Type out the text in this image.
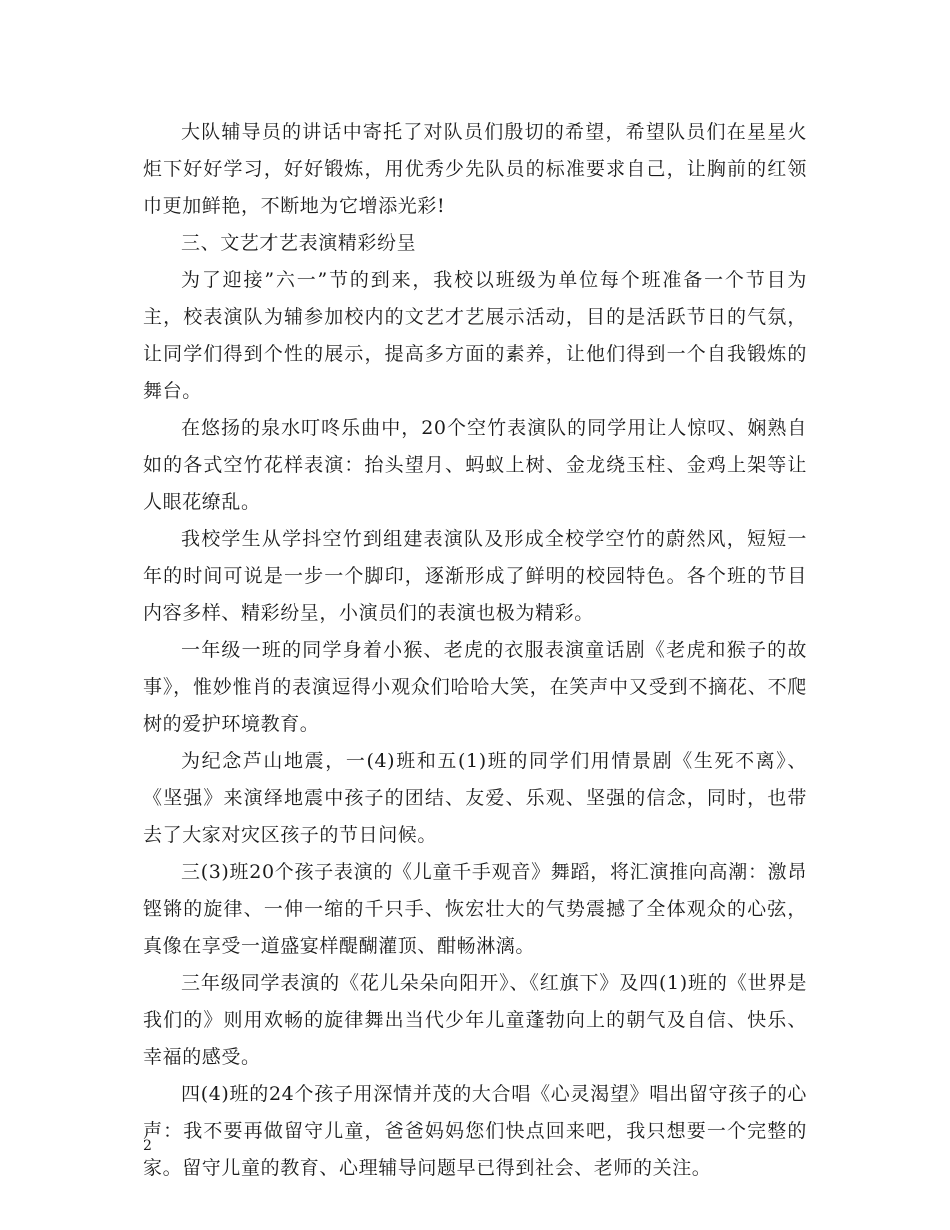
大队辅导员的讲话中寄托了对队员们殷切的希望，希望队员们在星星火炬下好好学习，好好锻炼，用优秀少先队员的标准要求自己，让胸前的红领巾更加鲜艳，不断地为它增添光彩!

三、文艺才艺表演精彩纷呈

为了迎接”六一”节的到来，我校以班级为单位每个班准备一个节目为主，校表演队为辅参加校内的文艺才艺展示活动，目的是活跃节日的气氛，让同学们得到个性的展示，提高多方面的素养，让他们得到一个自我锻炼的舞台。

在悠扬的泉水叮咚乐曲中，20个空竹表演队的同学用让人惊叹、娴熟自如的各式空竹花样表演：抬头望月、蚂蚁上树、金龙绕玉柱、金鸡上架等让人眼花缭乱。

我校学生从学抖空竹到组建表演队及形成全校学空竹的蔚然风，短短一年的时间可说是一步一个脚印，逐渐形成了鲜明的校园特色。各个班的节目内容多样、精彩纷呈，小演员们的表演也极为精彩。

一年级一班的同学身着小猴、老虎的衣服表演童话剧《老虎和猴子的故事》，惟妙惟肖的表演逗得小观众们哈哈大笑，在笑声中又受到不摘花、不爬树的爱护环境教育。

为纪念芦山地震，一(4)班和五(1)班的同学们用情景剧《生死不离》、《坚强》来演绎地震中孩子的团结、友爱、乐观、坚强的信念，同时，也带去了大家对灾区孩子的节日问候。

三(3)班20个孩子表演的《儿童千手观音》舞蹈，将汇演推向高潮：激昂铿锵的旋律、一伸一缩的千只手、恢宏壮大的气势震撼了全体观众的心弦，真像在享受一道盛宴样醍醐灌顶、酣畅淋漓。

三年级同学表演的《花儿朵朵向阳开》、《红旗下》及四(1)班的《世界是我们的》则用欢畅的旋律舞出当代少年儿童蓬勃向上的朝气及自信、快乐、幸福的感受。

四(4)班的24个孩子用深情并茂的大合唱《心灵渴望》唱出留守孩子的心声：我不要再做留守儿童，爸爸妈妈您们快点回来吧，我只想要一个完整的家。留守儿童的教育、心理辅导问题早已得到社会、老师的关注。

2
